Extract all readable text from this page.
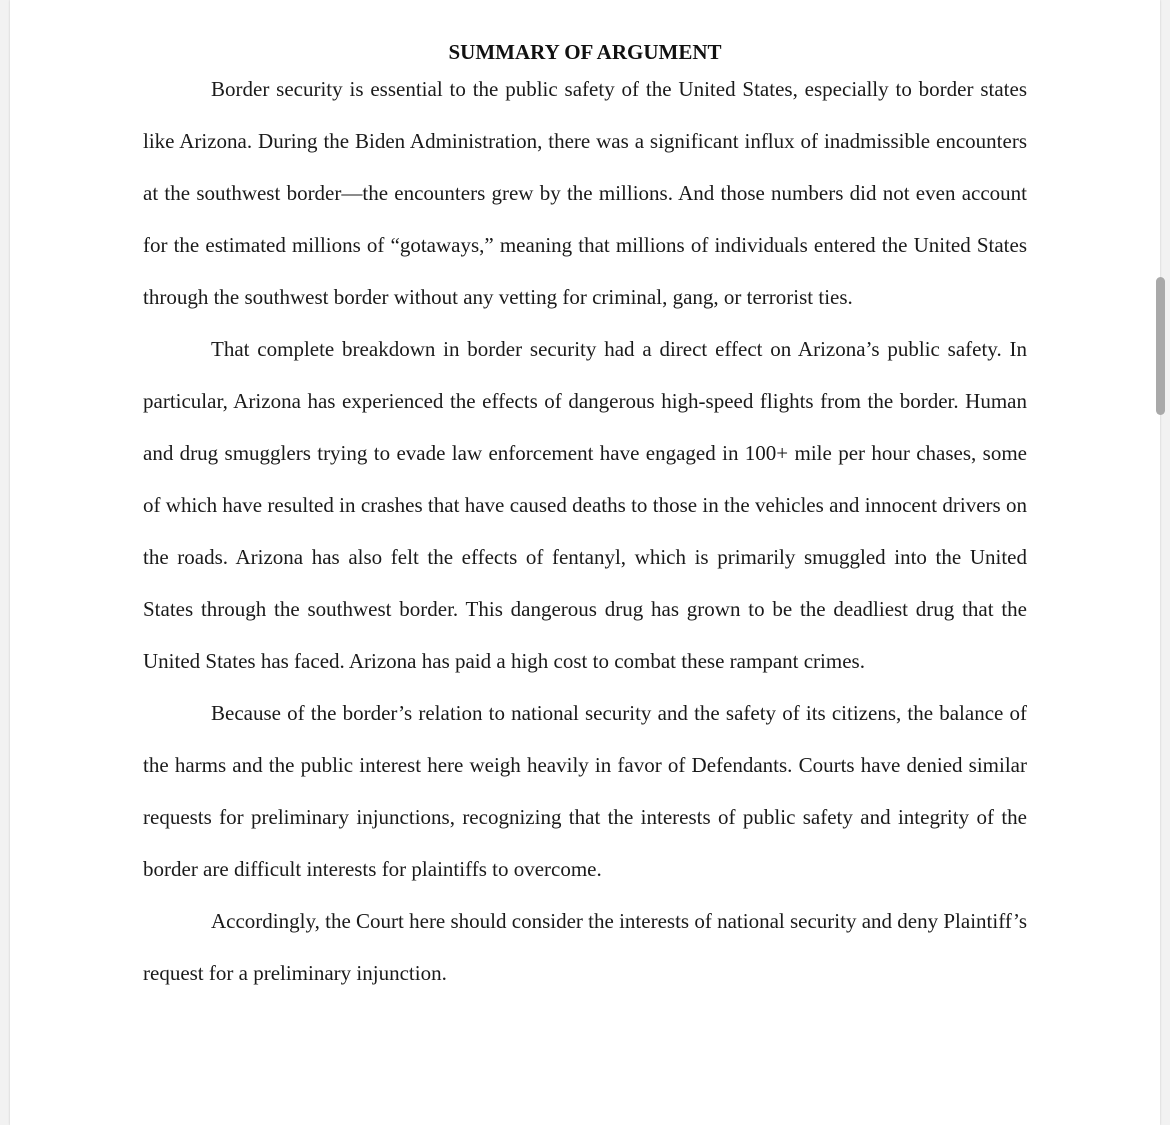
SUMMARY OF ARGUMENT

Border security is essential to the public safety of the United States, especially to border states like Arizona. During the Biden Administration, there was a significant influx of inadmissible encounters at the southwest border—the encounters grew by the millions. And those numbers did not even account for the estimated millions of “gotaways,” meaning that millions of individuals entered the United States through the southwest border without any vetting for criminal, gang, or terrorist ties.

That complete breakdown in border security had a direct effect on Arizona’s public safety. In particular, Arizona has experienced the effects of dangerous high-speed flights from the border. Human and drug smugglers trying to evade law enforcement have engaged in 100+ mile per hour chases, some of which have resulted in crashes that have caused deaths to those in the vehicles and innocent drivers on the roads. Arizona has also felt the effects of fentanyl, which is primarily smuggled into the United States through the southwest border. This dangerous drug has grown to be the deadliest drug that the United States has faced. Arizona has paid a high cost to combat these rampant crimes.

Because of the border’s relation to national security and the safety of its citizens, the balance of the harms and the public interest here weigh heavily in favor of Defendants. Courts have denied similar requests for preliminary injunctions, recognizing that the interests of public safety and integrity of the border are difficult interests for plaintiffs to overcome.

Accordingly, the Court here should consider the interests of national security and deny Plaintiff’s request for a preliminary injunction.
